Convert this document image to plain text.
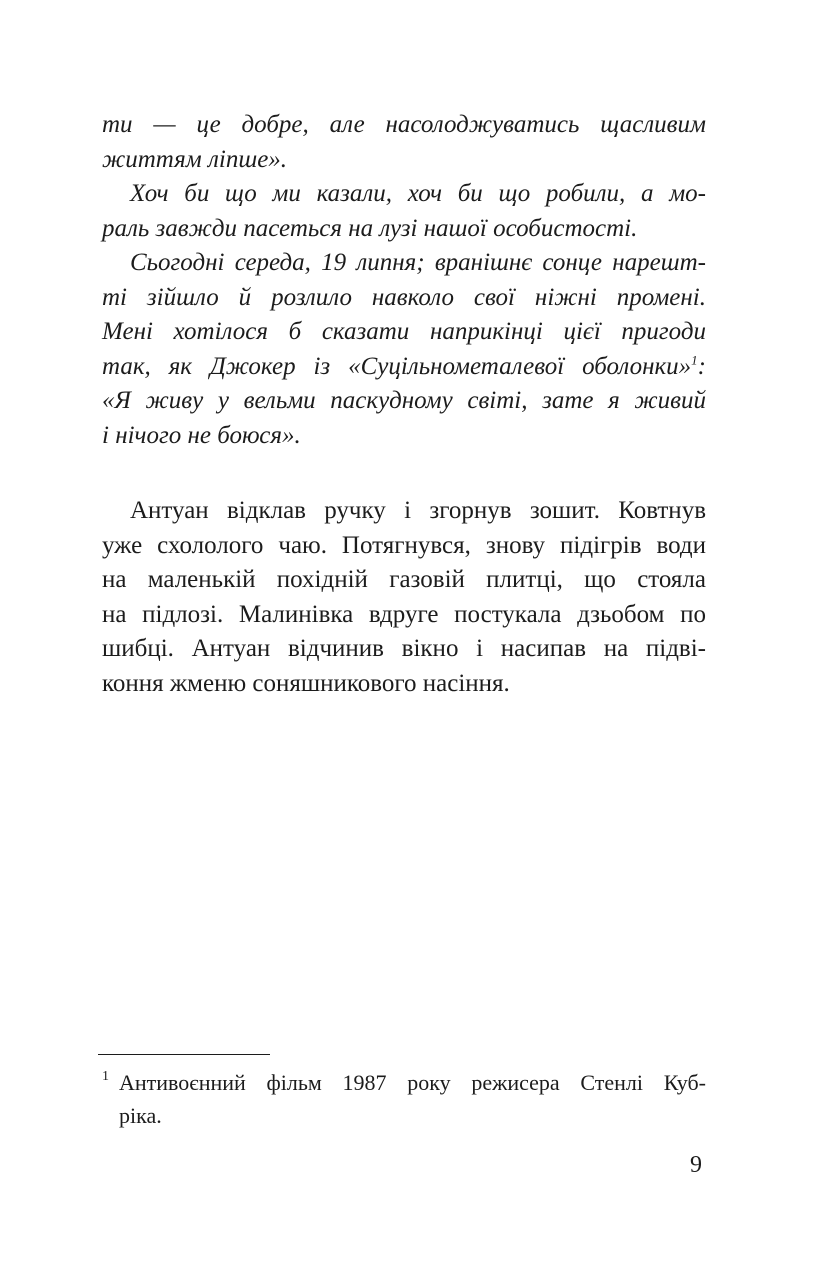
ти — це добре, але насолоджуватись щасливим
життям ліпше».
Хоч би що ми казали, хоч би що робили, а мо-
раль завжди пасеться на лузі нашої особистості.
Сьогодні середа, 19 липня; вранішнє сонце нарешт-
ті зійшло й розлило навколо свої ніжні промені.
Мені хотілося б сказати наприкінці цієї пригоди
так, як Джокер із «Суцільнометалевої оболонки»$^1$:
«Я живу у вельми паскудному світі, зате я живий
і нічого не боюся».
Антуан відклав ручку і згорнув зошит. Ковтнув
уже схололого чаю. Потягнувся, знову підігрів води
на маленькій похідній газовій плитці, що стояла
на підлозі. Малинівка вдруге постукала дзьобом по
шибці. Антуан відчинив вікно і насипав на підві-
коння жменю соняшникового насіння.
1 Антивоєнний фільм 1987 року режисера Стенлі Куб-
ріка.
9
